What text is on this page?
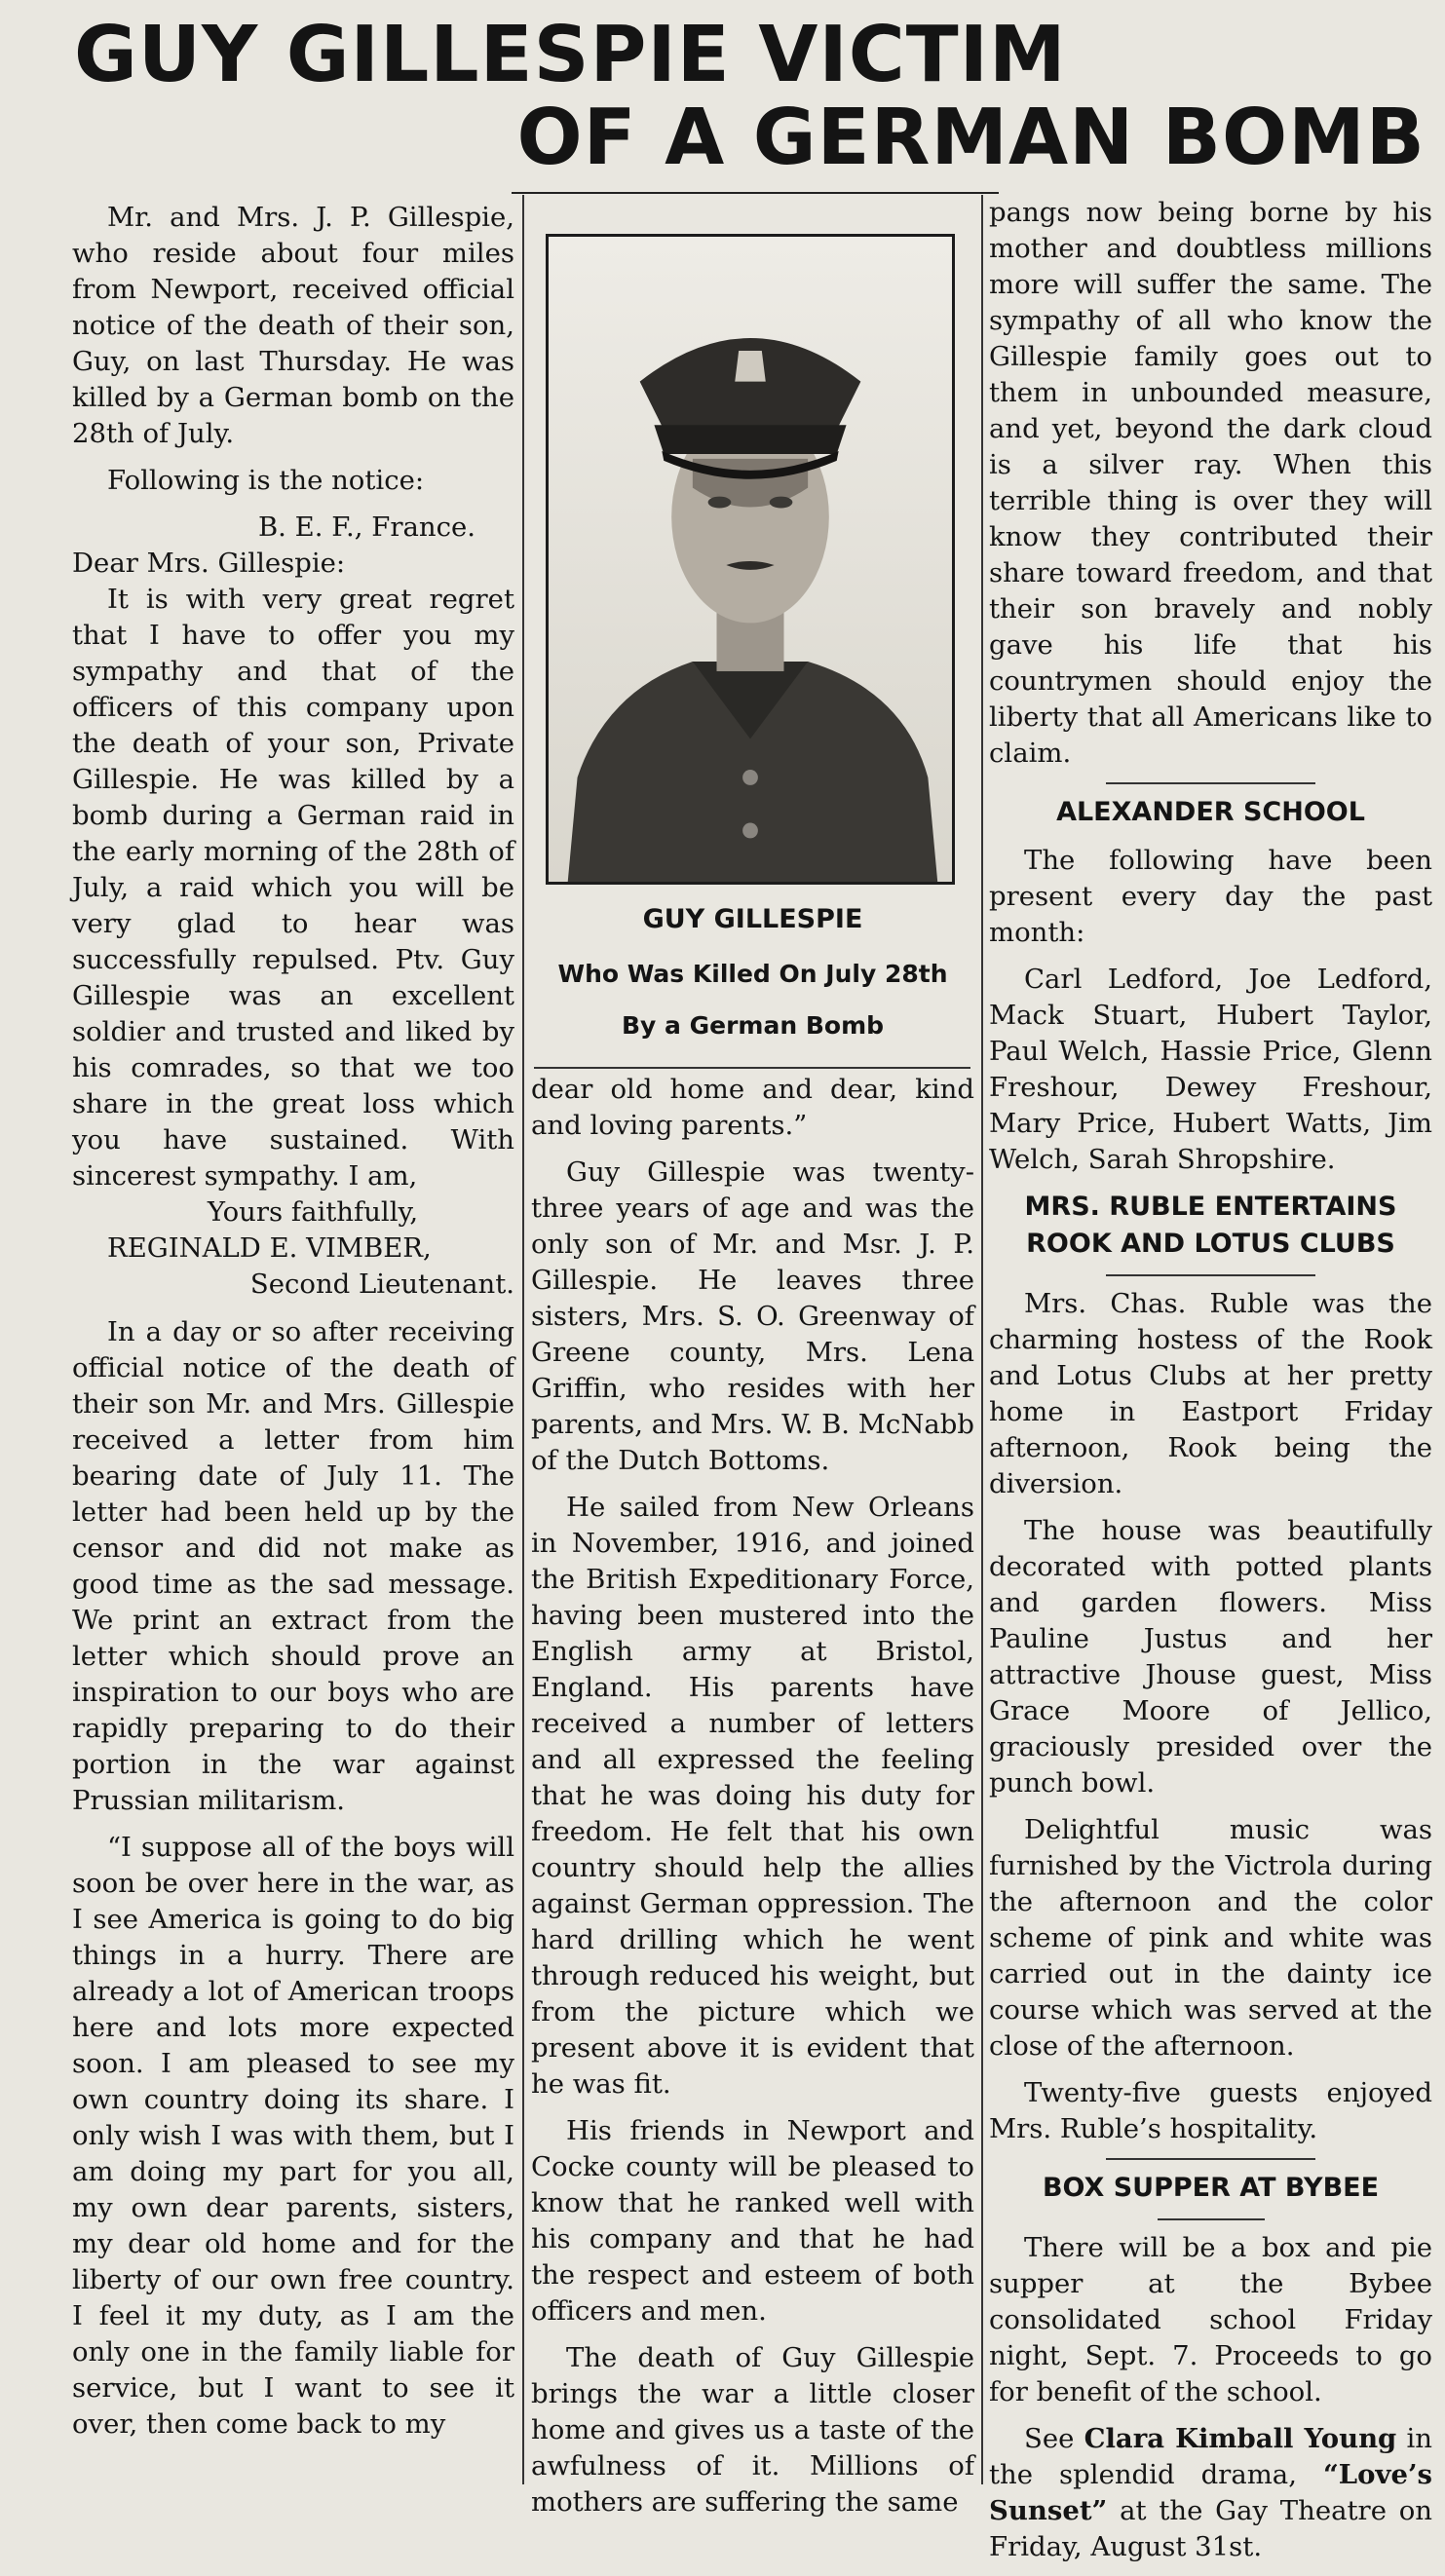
GUY GILLESPIE VICTIM
OF A GERMAN BOMB

Mr. and Mrs. J. P. Gillespie, who reside about four miles from Newport, received official notice of the death of their son, Guy, on last Thursday. He was killed by a German bomb on the 28th of July.

Following is the notice:

B. E. F., France.

Dear Mrs. Gillespie:

It is with very great regret that I have to offer you my sympathy and that of the officers of this company upon the death of your son, Private Gillespie. He was killed by a bomb during a German raid in the early morning of the 28th of July, a raid which you will be very glad to hear was successfully repulsed. Ptv. Guy Gillespie was an excellent soldier and trusted and liked by his comrades, so that we too share in the great loss which you have sustained. With sincerest sympathy. I am,

Yours faithfully,

REGINALD E. VIMBER,

Second Lieutenant.

In a day or so after receiving official notice of the death of their son Mr. and Mrs. Gillespie received a letter from him bearing date of July 11. The letter had been held up by the censor and did not make as good time as the sad message. We print an extract from the letter which should prove an inspiration to our boys who are rapidly preparing to do their portion in the war against Prussian militarism.

“I suppose all of the boys will soon be over here in the war, as I see America is going to do big things in a hurry. There are already a lot of American troops here and lots more expected soon. I am pleased to see my own country doing its share. I only wish I was with them, but I am doing my part for you all, my own dear parents, sisters, my dear old home and for the liberty of our own free country. I feel it my duty, as I am the only one in the family liable for service, but I want to see it over, then come back to my

GUY GILLESPIE
Who Was Killed On July 28th
By a German Bomb

dear old home and dear, kind and loving parents.”

Guy Gillespie was twenty-three years of age and was the only son of Mr. and Msr. J. P. Gillespie. He leaves three sisters, Mrs. S. O. Greenway of Greene county, Mrs. Lena Griffin, who resides with her parents, and Mrs. W. B. McNabb of the Dutch Bottoms.

He sailed from New Orleans in November, 1916, and joined the British Expeditionary Force, having been mustered into the English army at Bristol, England. His parents have received a number of letters and all expressed the feeling that he was doing his duty for freedom. He felt that his own country should help the allies against German oppression. The hard drilling which he went through reduced his weight, but from the picture which we present above it is evident that he was fit.

His friends in Newport and Cocke county will be pleased to know that he ranked well with his company and that he had the respect and esteem of both officers and men.

The death of Guy Gillespie brings the war a little closer home and gives us a taste of the awfulness of it. Millions of mothers are suffering the same

pangs now being borne by his mother and doubtless millions more will suffer the same. The sympathy of all who know the Gillespie family goes out to them in unbounded measure, and yet, beyond the dark cloud is a silver ray. When this terrible thing is over they will know they contributed their share toward freedom, and that their son bravely and nobly gave his life that his countrymen should enjoy the liberty that all Americans like to claim.

ALEXANDER SCHOOL

The following have been present every day the past month:

Carl Ledford, Joe Ledford, Mack Stuart, Hubert Taylor, Paul Welch, Hassie Price, Glenn Freshour, Dewey Freshour, Mary Price, Hubert Watts, Jim Welch, Sarah Shropshire.

MRS. RUBLE ENTERTAINS ROOK AND LOTUS CLUBS

Mrs. Chas. Ruble was the charming hostess of the Rook and Lotus Clubs at her pretty home in Eastport Friday afternoon, Rook being the diversion.

The house was beautifully decorated with potted plants and garden flowers. Miss Pauline Justus and her attractive Jhouse guest, Miss Grace Moore of Jellico, graciously presided over the punch bowl.

Delightful music was furnished by the Victrola during the afternoon and the color scheme of pink and white was carried out in the dainty ice course which was served at the close of the afternoon.

Twenty-five guests enjoyed Mrs. Ruble’s hospitality.

BOX SUPPER AT BYBEE

There will be a box and pie supper at the Bybee consolidated school Friday night, Sept. 7. Proceeds to go for benefit of the school.

See Clara Kimball Young in the splendid drama, “Love’s Sunset” at the Gay Theatre on Friday, August 31st.
